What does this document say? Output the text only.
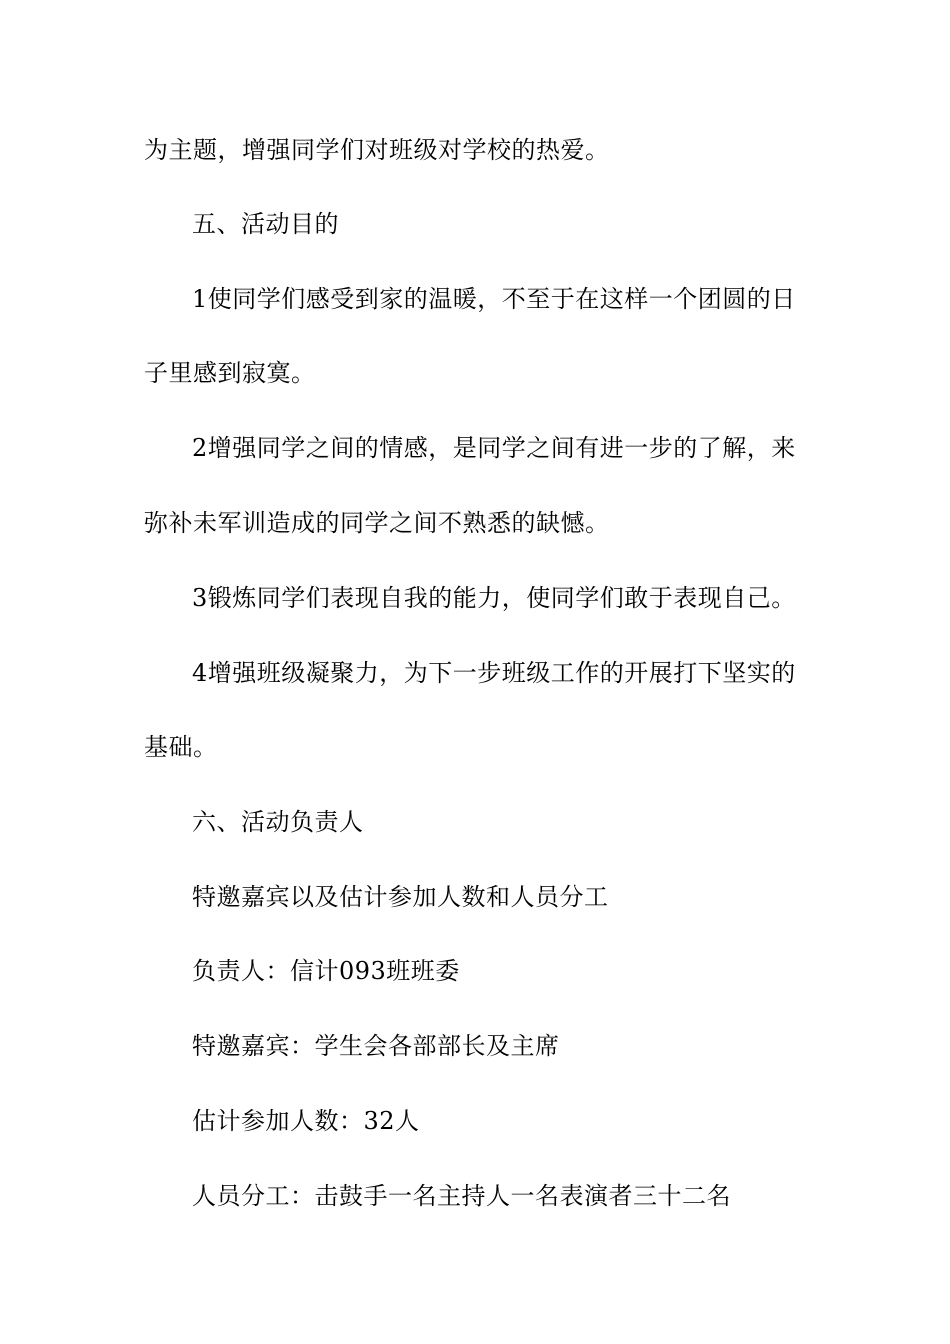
为主题，增强同学们对班级对学校的热爱。
五、活动目的
1使同学们感受到家的温暖，不至于在这样一个团圆的日
子里感到寂寞。
2增强同学之间的情感，是同学之间有进一步的了解，来
弥补未军训造成的同学之间不熟悉的缺憾。
3锻炼同学们表现自我的能力，使同学们敢于表现自己。
4增强班级凝聚力，为下一步班级工作的开展打下坚实的
基础。
六、活动负责人
特邀嘉宾以及估计参加人数和人员分工
负责人：信计093班班委
特邀嘉宾：学生会各部部长及主席
估计参加人数：32人
人员分工：击鼓手一名主持人一名表演者三十二名
